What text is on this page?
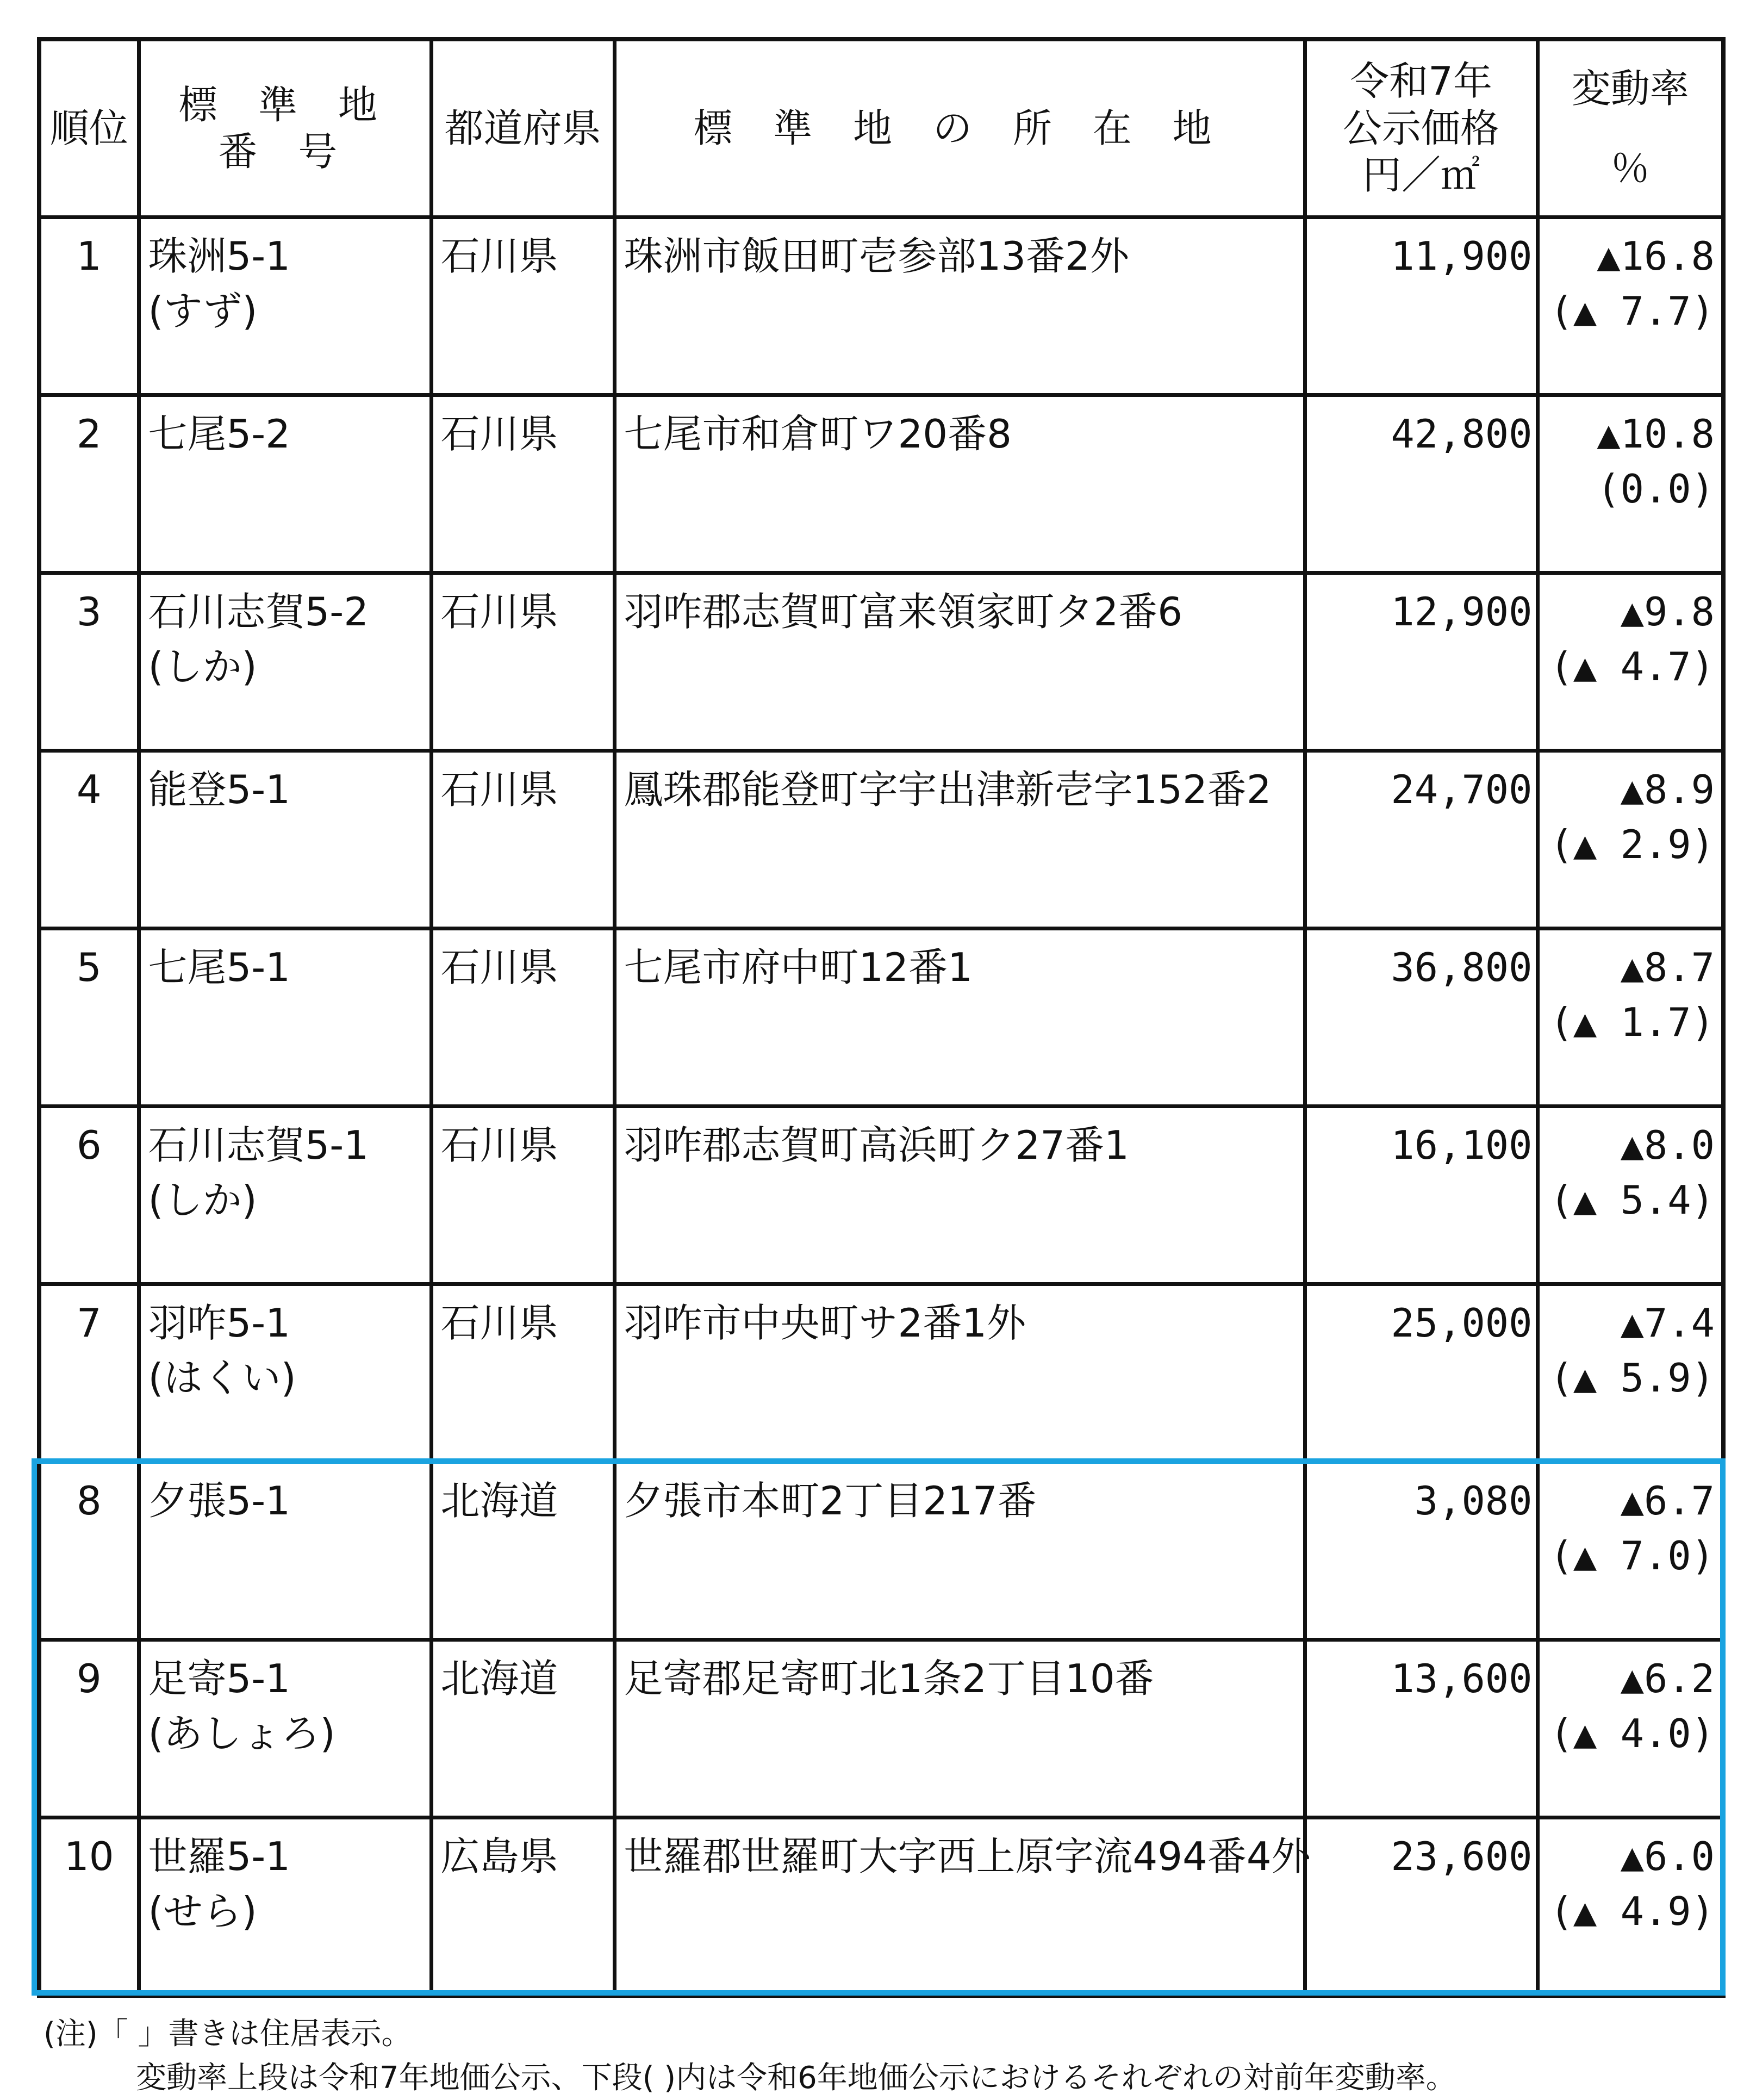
順位	標 準 地 番 号	都道府県	標 準 地 の 所 在 地	令和7年
公示価格
円／㎡	変動率
％

1	珠洲5-1
(すず)	石川県	珠洲市飯田町壱参部13番2外	11,900	▲16.8
(▲ 7.7)

2	七尾5-2	石川県	七尾市和倉町ワ20番8	42,800	▲10.8
(0.0)

3	石川志賀5-2
(しか)	石川県	羽咋郡志賀町富来領家町タ2番6	12,900	▲9.8
(▲ 4.7)

4	能登5-1	石川県	鳳珠郡能登町字宇出津新壱字152番2	24,700	▲8.9
(▲ 2.9)

5	七尾5-1	石川県	七尾市府中町12番1	36,800	▲8.7
(▲ 1.7)

6	石川志賀5-1
(しか)	石川県	羽咋郡志賀町高浜町ク27番1	16,100	▲8.0
(▲ 5.4)

7	羽咋5-1
(はくい)	石川県	羽咋市中央町サ2番1外	25,000	▲7.4
(▲ 5.9)

8	夕張5-1	北海道	夕張市本町2丁目217番	3,080	▲6.7
(▲ 7.0)

9	足寄5-1
(あしょろ)	北海道	足寄郡足寄町北1条2丁目10番	13,600	▲6.2
(▲ 4.0)

10	世羅5-1
(せら)	広島県	世羅郡世羅町大字西上原字流494番4外	23,600	▲6.0
(▲ 4.9)
(注)「 」書きは住居表示。
変動率上段は令和7年地価公示、下段( )内は令和6年地価公示におけるそれぞれの対前年変動率。
